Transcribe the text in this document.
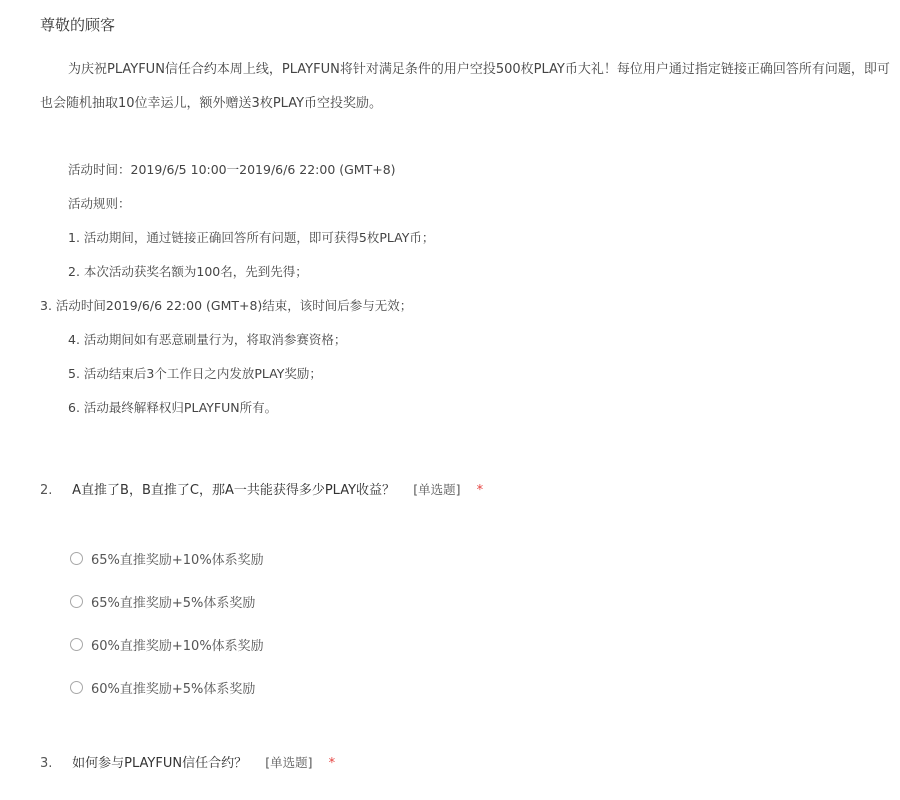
尊敬的顾客
为庆祝PLAYFUN信任合约本周上线，PLAYFUN将针对满足条件的用户空投500枚PLAY币大礼！每位用户通过指定链接正确回答所有问题，即可
也会随机抽取10位幸运儿，额外赠送3枚PLAY币空投奖励。
活动时间：2019/6/5 10:00一2019/6/6 22:00 (GMT+8)
活动规则：
1. 活动期间，通过链接正确回答所有问题，即可获得5枚PLAY币；
2. 本次活动获奖名额为100名，先到先得；
3. 活动时间2019/6/6 22:00 (GMT+8)结束，该时间后参与无效；
4. 活动期间如有恶意刷量行为，将取消参赛资格；
5. 活动结束后3个工作日之内发放PLAY奖励；
6. 活动最终解释权归PLAYFUN所有。
2. A直推了B，B直推了C，那A一共能获得多少PLAY收益？ [单选题] *
65%直推奖励+10%体系奖励
65%直推奖励+5%体系奖励
60%直推奖励+10%体系奖励
60%直推奖励+5%体系奖励
3. 如何参与PLAYFUN信任合约？ [单选题] *
